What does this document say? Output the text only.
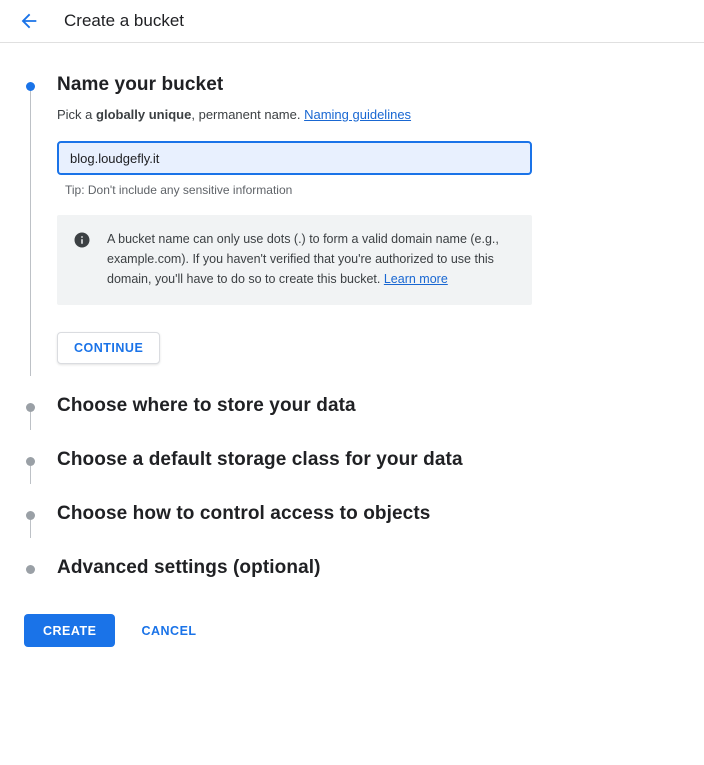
Create a bucket
Name your bucket
Pick a globally unique, permanent name. Naming guidelines
blog.loudgefly.it
Tip: Don't include any sensitive information
A bucket name can only use dots (.) to form a valid domain name (e.g., example.com). If you haven't verified that you're authorized to use this domain, you'll have to do so to create this bucket. Learn more
CONTINUE
Choose where to store your data
Choose a default storage class for your data
Choose how to control access to objects
Advanced settings (optional)
CREATE	CANCEL
